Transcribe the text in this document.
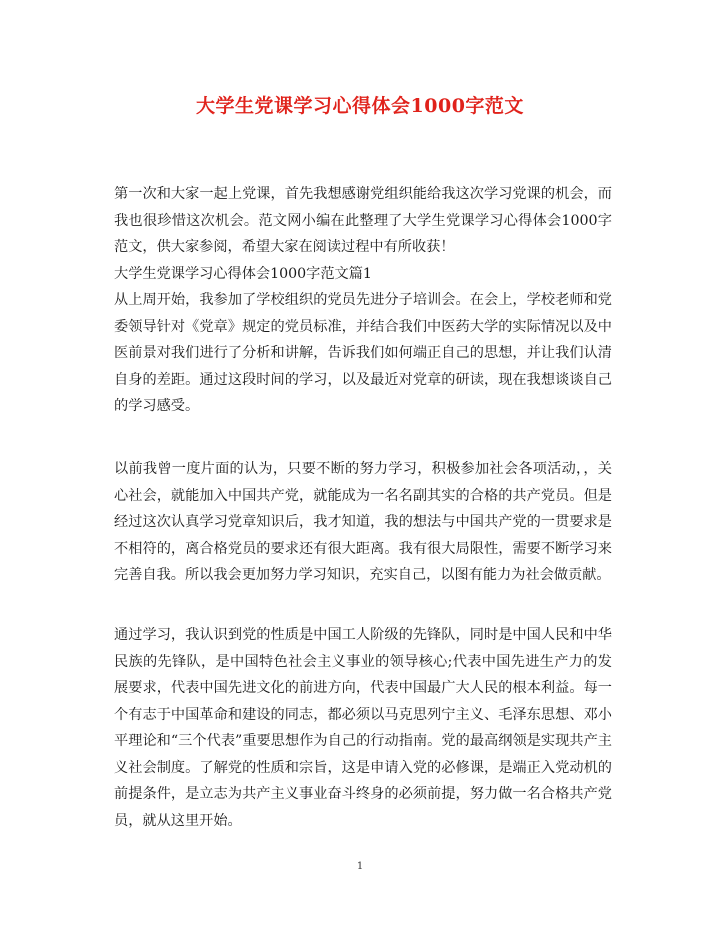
大学生党课学习心得体会1000字范文

第一次和大家一起上党课，首先我想感谢党组织能给我这次学习党课的机会，而我也很珍惜这次机会。范文网小编在此整理了大学生党课学习心得体会1000字范文，供大家参阅，希望大家在阅读过程中有所收获！

大学生党课学习心得体会1000字范文篇1

从上周开始，我参加了学校组织的党员先进分子培训会。在会上，学校老师和党委领导针对《党章》规定的党员标准，并结合我们中医药大学的实际情况以及中医前景对我们进行了分析和讲解，告诉我们如何端正自己的思想，并让我们认清自身的差距。通过这段时间的学习，以及最近对党章的研读，现在我想谈谈自己的学习感受。

以前我曾一度片面的认为，只要不断的努力学习，积极参加社会各项活动，，关心社会，就能加入中国共产党，就能成为一名名副其实的合格的共产党员。但是经过这次认真学习党章知识后，我才知道，我的想法与中国共产党的一贯要求是不相符的，离合格党员的要求还有很大距离。我有很大局限性，需要不断学习来完善自我。所以我会更加努力学习知识，充实自己，以图有能力为社会做贡献。

通过学习，我认识到党的性质是中国工人阶级的先锋队，同时是中国人民和中华民族的先锋队，是中国特色社会主义事业的领导核心;代表中国先进生产力的发展要求，代表中国先进文化的前进方向，代表中国最广大人民的根本利益。每一个有志于中国革命和建设的同志，都必须以马克思列宁主义、毛泽东思想、邓小平理论和“三个代表”重要思想作为自己的行动指南。党的最高纲领是实现共产主义社会制度。了解党的性质和宗旨，这是申请入党的必修课，是端正入党动机的前提条件，是立志为共产主义事业奋斗终身的必须前提，努力做一名合格共产党员，就从这里开始。

1
